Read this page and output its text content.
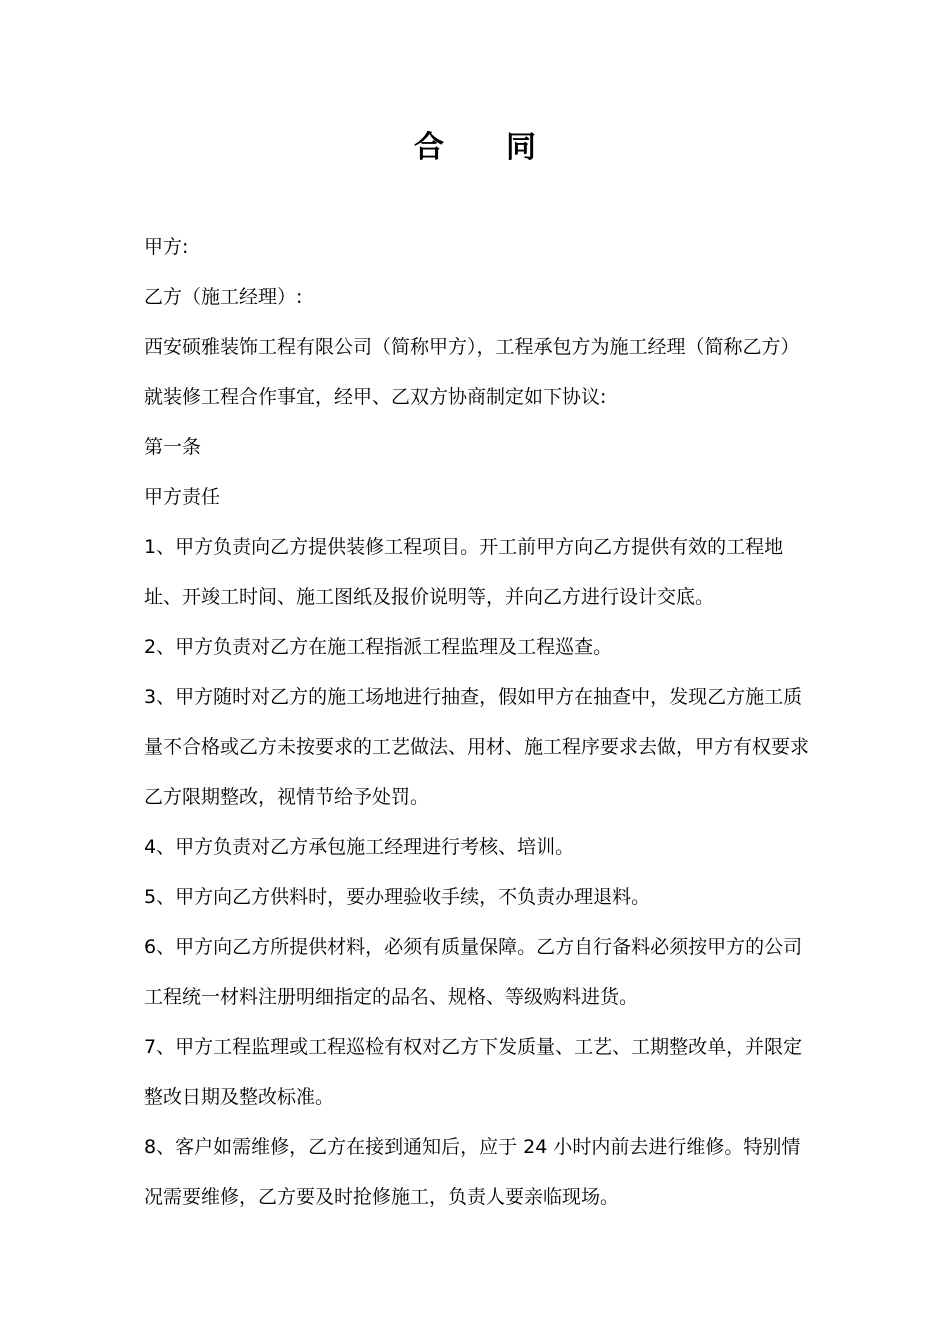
合 同

甲方:

乙方（施工经理）:

西安硕雅装饰工程有限公司（简称甲方），工程承包方为施工经理（简称乙方）就装修工程合作事宜，经甲、乙双方协商制定如下协议:

第一条

甲方责任

1、甲方负责向乙方提供装修工程项目。开工前甲方向乙方提供有效的工程地址、开竣工时间、施工图纸及报价说明等，并向乙方进行设计交底。

2、甲方负责对乙方在施工程指派工程监理及工程巡查。

3、甲方随时对乙方的施工场地进行抽查，假如甲方在抽查中，发现乙方施工质量不合格或乙方未按要求的工艺做法、用材、施工程序要求去做，甲方有权要求乙方限期整改，视情节给予处罚。

4、甲方负责对乙方承包施工经理进行考核、培训。

5、甲方向乙方供料时，要办理验收手续，不负责办理退料。

6、甲方向乙方所提供材料，必须有质量保障。乙方自行备料必须按甲方的公司工程统一材料注册明细指定的品名、规格、等级购料进货。

7、甲方工程监理或工程巡检有权对乙方下发质量、工艺、工期整改单，并限定整改日期及整改标准。

8、客户如需维修，乙方在接到通知后，应于 24 小时内前去进行维修。特别情况需要维修，乙方要及时抢修施工，负责人要亲临现场。
